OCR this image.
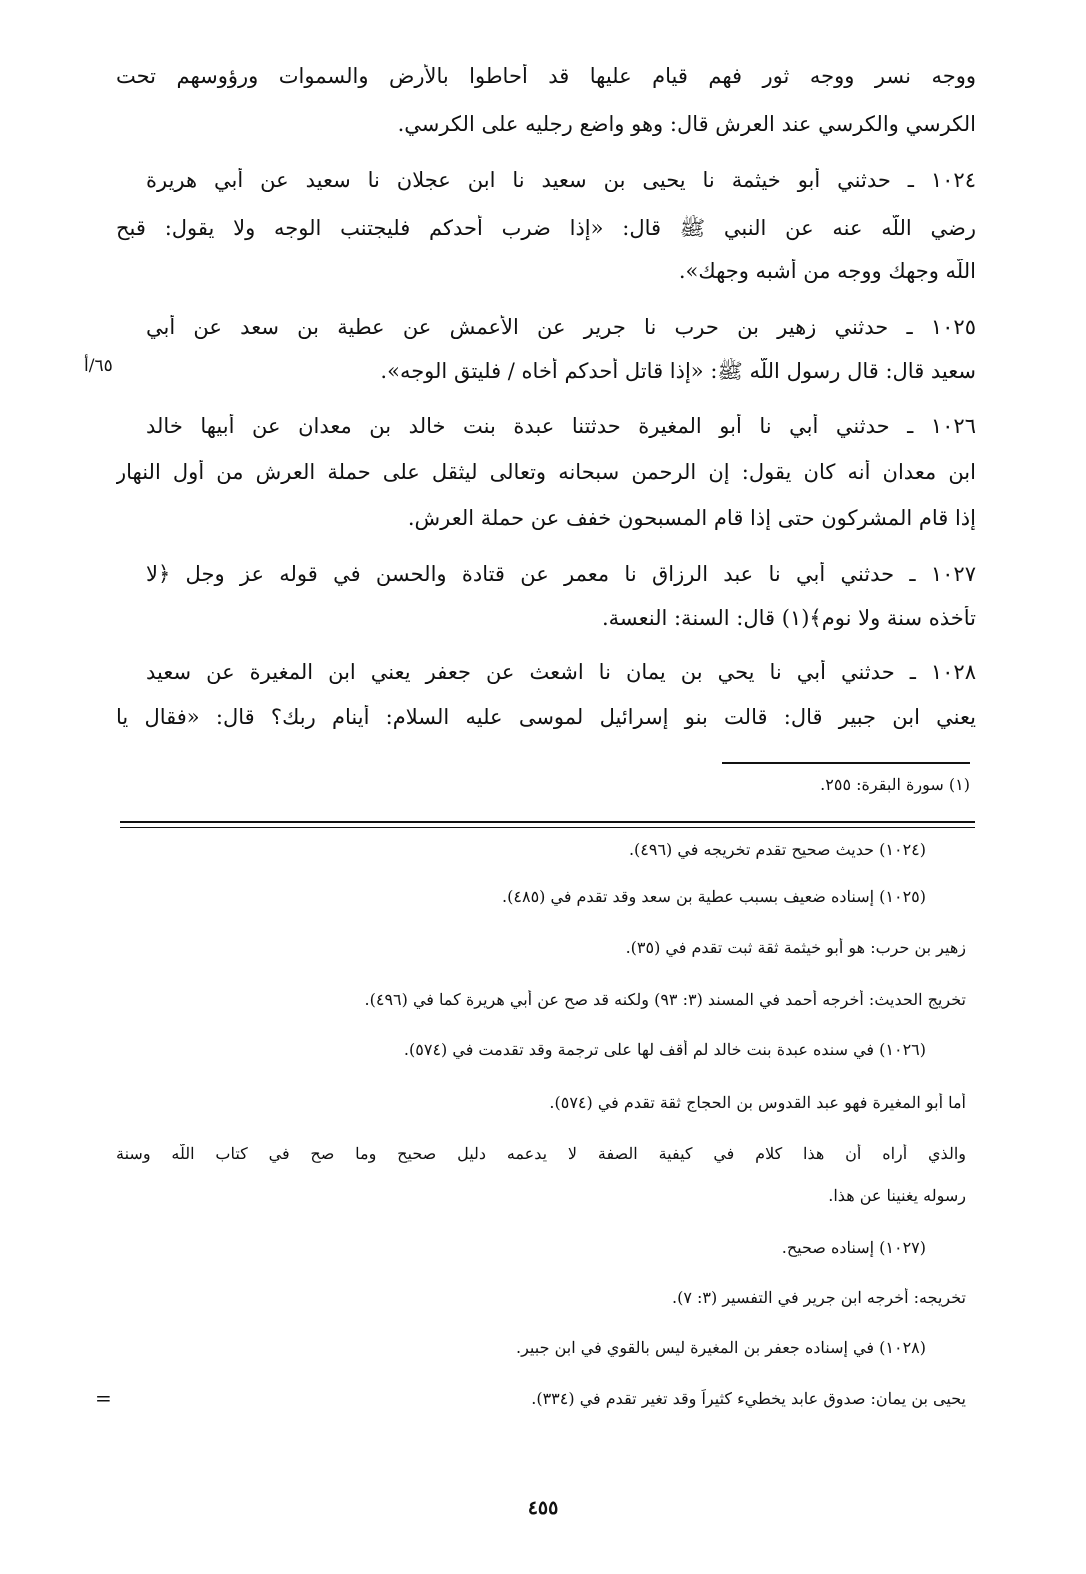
ووجه نسر ووجه ثور فهم قيام عليها قد أحاطوا بالأرض والسموات ورؤوسهم تحت

الكرسي والكرسي عند العرش قال: وهو واضع رجليه على الكرسي.

١٠٢٤ ـ حدثني أبو خيثمة نا يحيى بن سعيد نا ابن عجلان نا سعيد عن أبي هريرة

رضي اللّه عنه عن النبي ﷺ قال: «إذا ضرب أحدكم فليجتنب الوجه ولا يقول: قبح

اللّه وجهك ووجه من أشبه وجهك».

١٠٢٥ ـ حدثني زهير بن حرب نا جرير عن الأعمش عن عطية بن سعد عن أبي

سعيد قال: قال رسول اللّه ﷺ: «إذا قاتل أحدكم أخاه / فليتق الوجه».

٦٥/أ

١٠٢٦ ـ حدثني أبي نا أبو المغيرة حدثتنا عبدة بنت خالد بن معدان عن أبيها خالد

ابن معدان أنه كان يقول: إن الرحمن سبحانه وتعالى ليثقل على حملة العرش من أول النهار

إذا قام المشركون حتى إذا قام المسبحون خفف عن حملة العرش.

١٠٢٧ ـ حدثني أبي نا عبد الرزاق نا معمر عن قتادة والحسن في قوله عز وجل ﴿لا

تأخذه سنة ولا نوم﴾(١) قال: السنة: النعسة.

١٠٢٨ ـ حدثني أبي نا يحي بن يمان نا اشعث عن جعفر يعني ابن المغيرة عن سعيد

يعني ابن جبير قال: قالت بنو إسرائيل لموسى عليه السلام: أينام ربك؟ قال: «فقال يا

(١) سورة البقرة: ٢٥٥.

(١٠٢٤) حديث صحيح تقدم تخريجه في (٤٩٦).

(١٠٢٥) إسناده ضعيف بسبب عطية بن سعد وقد تقدم في (٤٨٥).

زهير بن حرب: هو أبو خيثمة ثقة ثبت تقدم في (٣٥).

تخريج الحديث: أخرجه أحمد في المسند (٣: ٩٣) ولكنه قد صح عن أبي هريرة كما في (٤٩٦).

(١٠٢٦) في سنده عبدة بنت خالد لم أقف لها على ترجمة وقد تقدمت في (٥٧٤).

أما أبو المغيرة فهو عبد القدوس بن الحجاج ثقة تقدم في (٥٧٤).

والذي أراه أن هذا كلام في كيفية الصفة لا يدعمه دليل صحيح وما صح في كتاب اللّه وسنة

رسوله يغنينا عن هذا.

(١٠٢٧) إسناده صحيح.

تخريجه: أخرجه ابن جرير في التفسير (٣: ٧).

(١٠٢٨) في إسناده جعفر بن المغيرة ليس بالقوي في ابن جبير.

يحيى بن يمان: صدوق عابد يخطيء كثيراً وقد تغير تقدم في (٣٣٤).

=
٤٥٥
